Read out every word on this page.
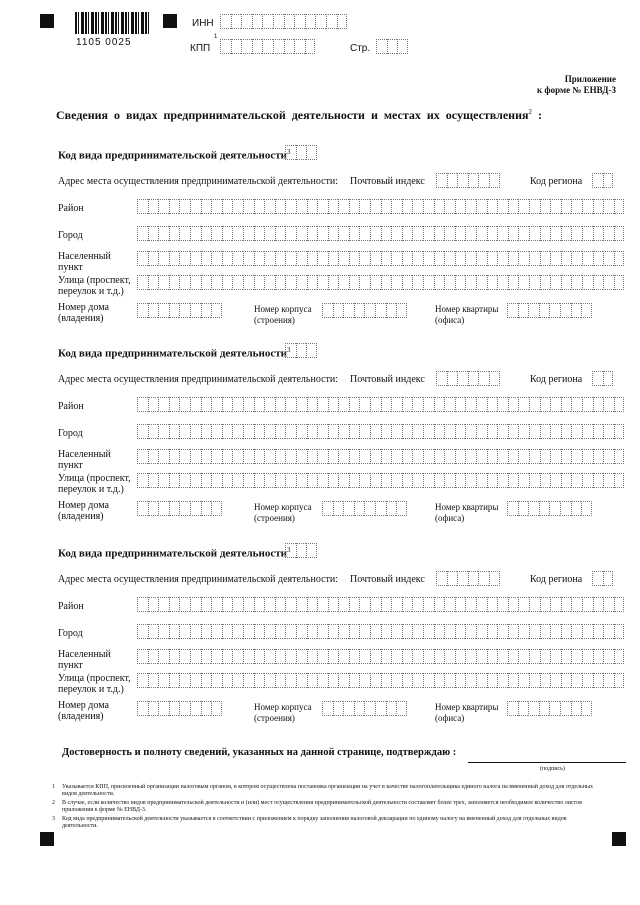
1105 0025
ИНН
1
КПП	Стр.
Приложение
к форме № ЕНВД-3
Сведения о видах предпринимательской деятельности и местах их осуществления$^2$ :
Код вида предпринимательской деятельности$^3$
Адрес места осуществления предпринимательской деятельности: Почтовый индекс	Код региона
Район
Город
Населенный
пункт
Улица (проспект,
переулок и т.д.)
Номер дома
(владения)
Номер корпуса
(строения)
Номер квартиры
(офиса)
Код вида предпринимательской деятельности$^3$
Адрес места осуществления предпринимательской деятельности: Почтовый индекс	Код региона
Район
Город
Населенный
пункт
Улица (проспект,
переулок и т.д.)
Номер дома
(владения)
Номер корпуса
(строения)
Номер квартиры
(офиса)
Код вида предпринимательской деятельности$^3$
Адрес места осуществления предпринимательской деятельности: Почтовый индекс	Код региона
Район
Город
Населенный
пункт
Улица (проспект,
переулок и т.д.)
Номер дома
(владения)
Номер корпуса
(строения)
Номер квартиры
(офиса)
Достоверность и полноту сведений, указанных на данной странице, подтверждаю :
(подпись)
1 Указывается КПП, присвоенный организации налоговым органом, в котором осуществлена постановка организации на учет в качестве налогоплательщика единого налога на вмененный доход для отдельных видов деятельности.
2 В случае, если количество видов предпринимательской деятельности и (или) мест осуществления предпринимательской деятельности составляет более трех, заполняется необходимое количество листов приложения к форме № ЕНВД-3.
3 Код вида предпринимательской деятельности указывается в соответствии с приложением к порядку заполнения налоговой декларации по единому налогу на вмененный доход для отдельных видов деятельности.
